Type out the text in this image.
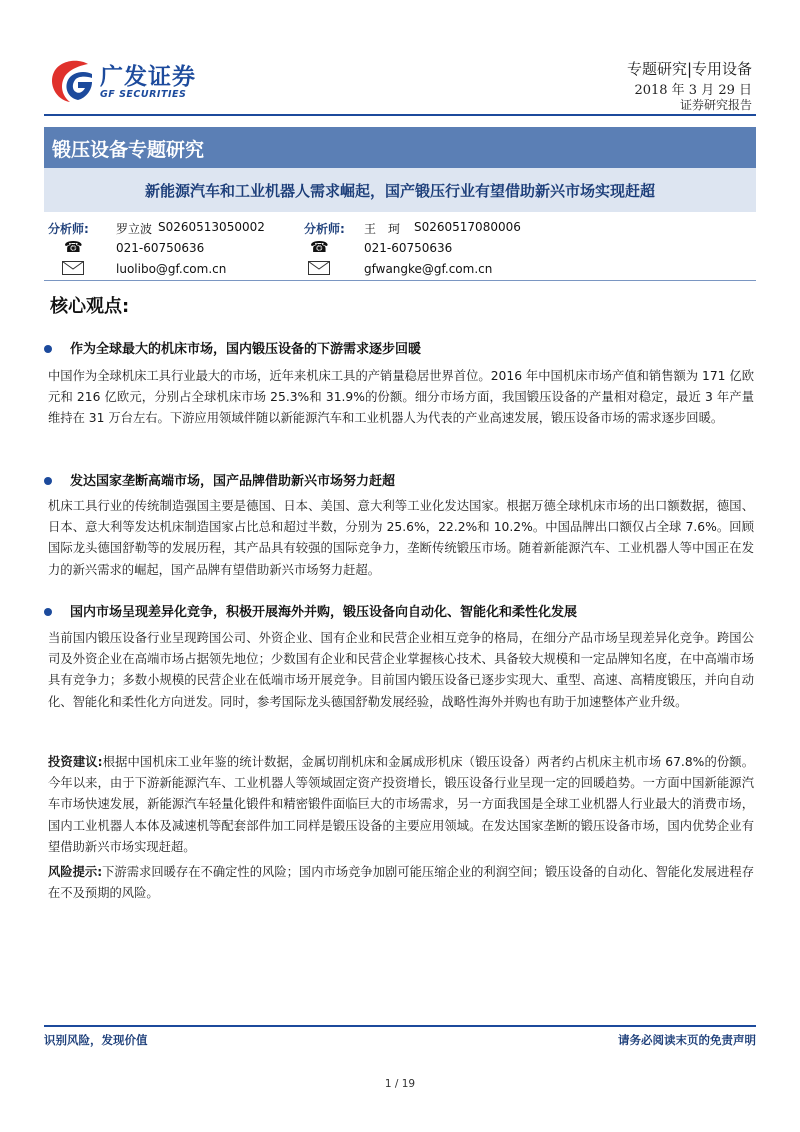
广发证券
GF SECURITIES
专题研究|专用设备
2018 年 3 月 29 日
证券研究报告
锻压设备专题研究
新能源汽车和工业机器人需求崛起，国产锻压行业有望借助新兴市场实现赶超
分析师: 罗立波 S0260513050002
☎	021-60750636
luolibo@gf.com.cn
分析师: 王　珂 S0260517080006
☎	021-60750636
gfwangke@gf.com.cn
核心观点:
作为全球最大的机床市场，国内锻压设备的下游需求逐步回暖
中国作为全球机床工具行业最大的市场，近年来机床工具的产销量稳居世界首位。2016 年中国机床市场产值和销售额为 171 亿欧元和 216 亿欧元，分别占全球机床市场 25.3%和 31.9%的份额。细分市场方面，我国锻压设备的产量相对稳定，最近 3 年产量维持在 31 万台左右。下游应用领域伴随以新能源汽车和工业机器人为代表的产业高速发展，锻压设备市场的需求逐步回暖。
发达国家垄断高端市场，国产品牌借助新兴市场努力赶超
机床工具行业的传统制造强国主要是德国、日本、美国、意大利等工业化发达国家。根据万德全球机床市场的出口额数据，德国、日本、意大利等发达机床制造国家占比总和超过半数，分别为 25.6%，22.2%和 10.2%。中国品牌出口额仅占全球 7.6%。回顾国际龙头德国舒勒等的发展历程，其产品具有较强的国际竞争力，垄断传统锻压市场。随着新能源汽车、工业机器人等中国正在发力的新兴需求的崛起，国产品牌有望借助新兴市场努力赶超。
国内市场呈现差异化竞争，积极开展海外并购，锻压设备向自动化、智能化和柔性化发展
当前国内锻压设备行业呈现跨国公司、外资企业、国有企业和民营企业相互竞争的格局，在细分产品市场呈现差异化竞争。跨国公司及外资企业在高端市场占据领先地位；少数国有企业和民营企业掌握核心技术、具备较大规模和一定品牌知名度，在中高端市场具有竞争力；多数小规模的民营企业在低端市场开展竞争。目前国内锻压设备已逐步实现大、重型、高速、高精度锻压，并向自动化、智能化和柔性化方向迸发。同时，参考国际龙头德国舒勒发展经验，战略性海外并购也有助于加速整体产业升级。
投资建议:根据中国机床工业年鉴的统计数据，金属切削机床和金属成形机床（锻压设备）两者约占机床主机市场 67.8%的份额。今年以来，由于下游新能源汽车、工业机器人等领域固定资产投资增长，锻压设备行业呈现一定的回暖趋势。一方面中国新能源汽车市场快速发展，新能源汽车轻量化锻件和精密锻件面临巨大的市场需求，另一方面我国是全球工业机器人行业最大的消费市场，国内工业机器人本体及减速机等配套部件加工同样是锻压设备的主要应用领域。在发达国家垄断的锻压设备市场，国内优势企业有望借助新兴市场实现赶超。
风险提示:下游需求回暖存在不确定性的风险；国内市场竞争加剧可能压缩企业的利润空间；锻压设备的自动化、智能化发展进程存在不及预期的风险。
识别风险，发现价值	请务必阅读末页的免责声明
1 / 19
